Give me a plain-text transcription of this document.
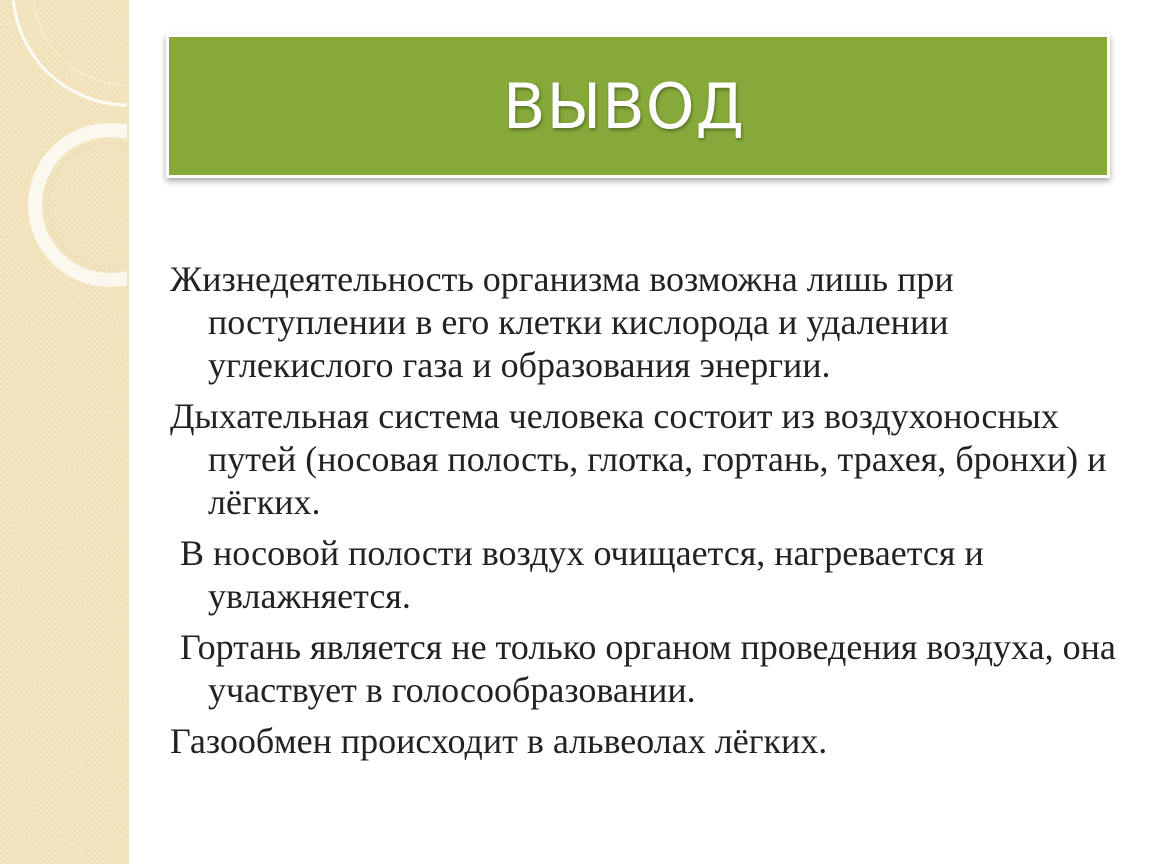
ВЫВОД

Жизнедеятельность организма возможна лишь при поступлении в его клетки кислорода и удалении углекислого газа и образования энергии.

Дыхательная система человека состоит из воздухоносных путей (носовая полость, глотка, гортань, трахея, бронхи) и лёгких.

В носовой полости воздух очищается, нагревается и увлажняется.

Гортань является не только органом проведения воздуха, она участвует в голосообразовании.

Газообмен происходит в альвеолах лёгких.
